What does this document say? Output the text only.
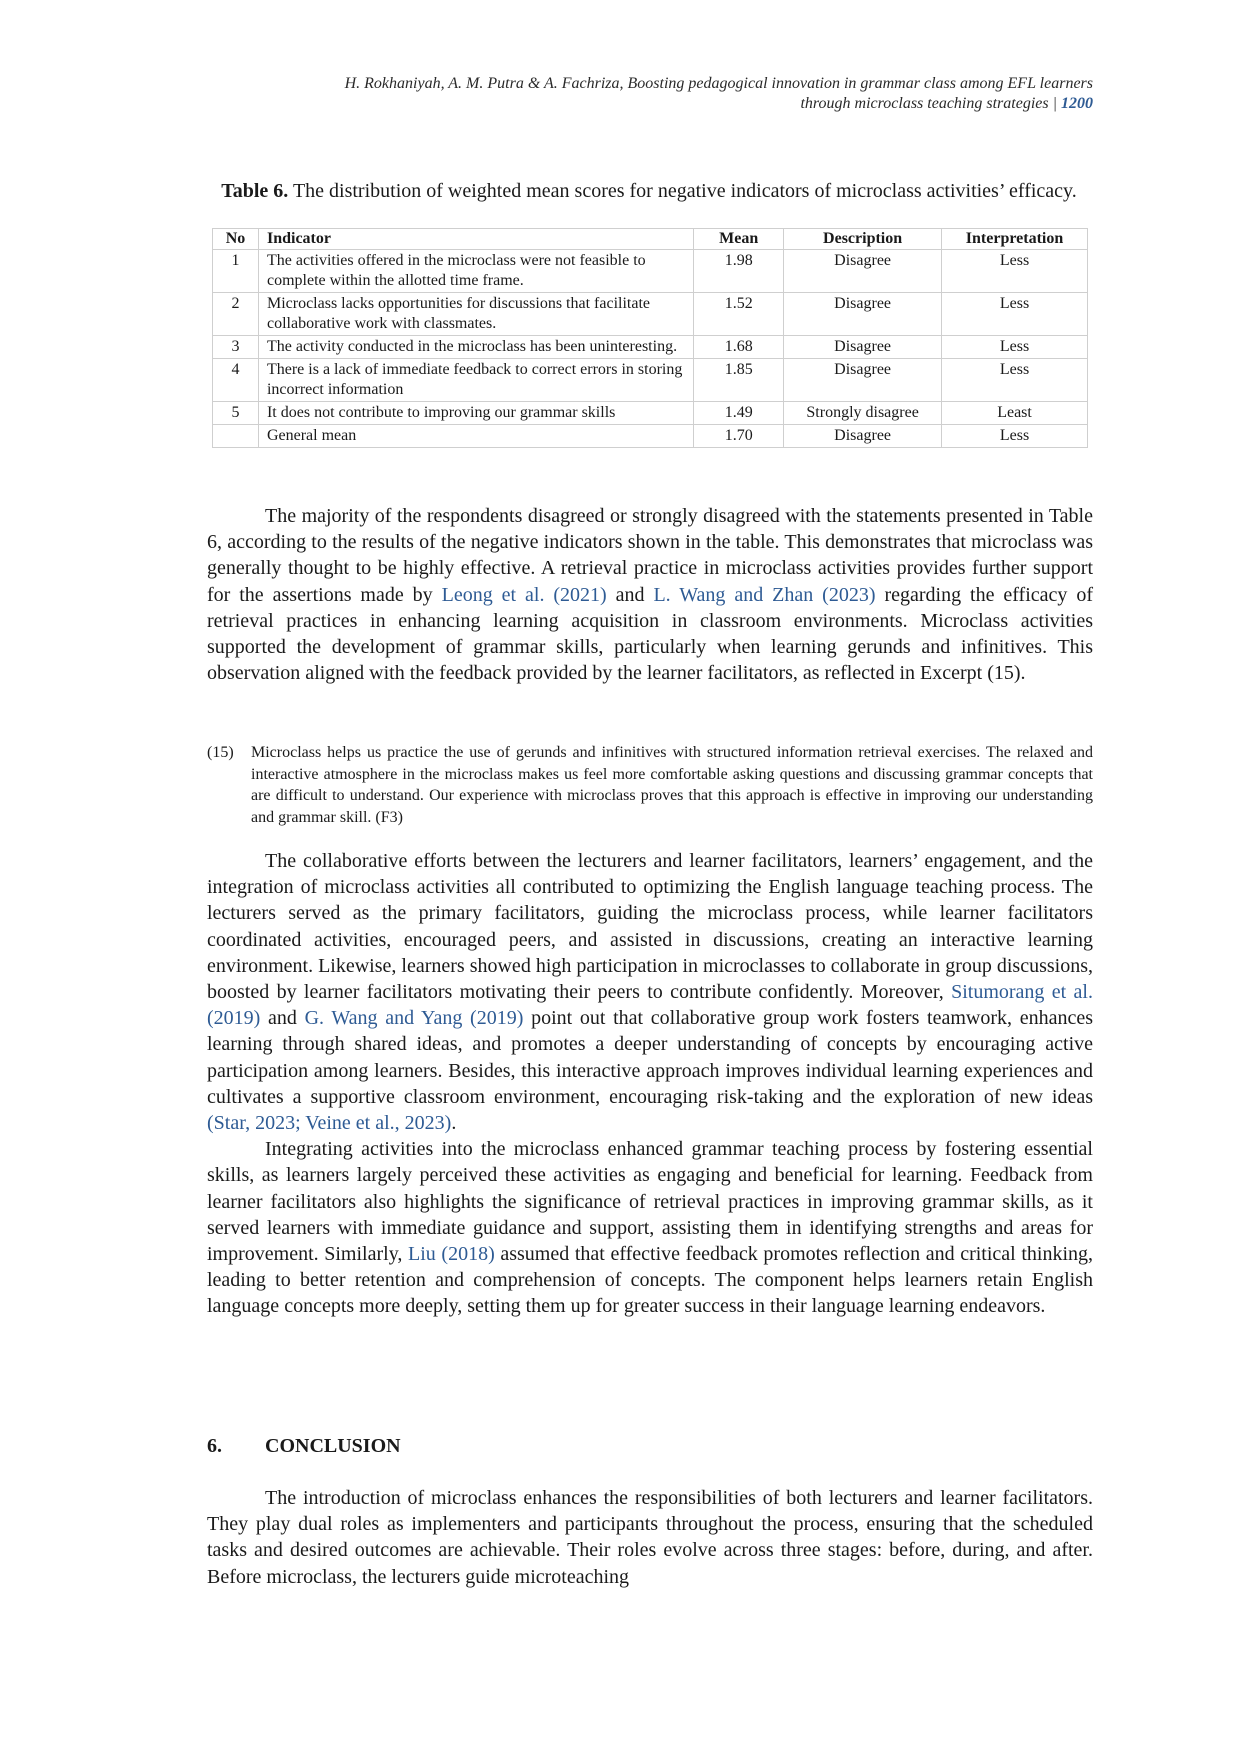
H. Rokhaniyah, A. M. Putra & A. Fachriza, Boosting pedagogical innovation in grammar class among EFL learners
through microclass teaching strategies | 1200
Table 6. The distribution of weighted mean scores for negative indicators of microclass activities’ efficacy.
No	Indicator	Mean	Description	Interpretation
1	The activities offered in the microclass were not feasible to complete within the allotted time frame.	1.98	Disagree	Less
2	Microclass lacks opportunities for discussions that facilitate collaborative work with classmates.	1.52	Disagree	Less
3	The activity conducted in the microclass has been uninteresting.	1.68	Disagree	Less
4	There is a lack of immediate feedback to correct errors in storing incorrect information	1.85	Disagree	Less
5	It does not contribute to improving our grammar skills	1.49	Strongly disagree	Least
	General mean	1.70	Disagree	Less

The majority of the respondents disagreed or strongly disagreed with the statements presented in Table 6, according to the results of the negative indicators shown in the table. This demonstrates that microclass was generally thought to be highly effective. A retrieval practice in microclass activities provides further support for the assertions made by Leong et al. (2021) and L. Wang and Zhan (2023) regarding the efficacy of retrieval practices in enhancing learning acquisition in classroom environments. Microclass activities supported the development of grammar skills, particularly when learning gerunds and infinitives. This observation aligned with the feedback provided by the learner facilitators, as reflected in Excerpt (15).

(15) Microclass helps us practice the use of gerunds and infinitives with structured information retrieval exercises. The relaxed and interactive atmosphere in the microclass makes us feel more comfortable asking questions and discussing grammar concepts that are difficult to understand. Our experience with microclass proves that this approach is effective in improving our understanding and grammar skill. (F3)

The collaborative efforts between the lecturers and learner facilitators, learners’ engagement, and the integration of microclass activities all contributed to optimizing the English language teaching process. The lecturers served as the primary facilitators, guiding the microclass process, while learner facilitators coordinated activities, encouraged peers, and assisted in discussions, creating an interactive learning environment. Likewise, learners showed high participation in microclasses to collaborate in group discussions, boosted by learner facilitators motivating their peers to contribute confidently. Moreover, Situmorang et al. (2019) and G. Wang and Yang (2019) point out that collaborative group work fosters teamwork, enhances learning through shared ideas, and promotes a deeper understanding of concepts by encouraging active participation among learners. Besides, this interactive approach improves individual learning experiences and cultivates a supportive classroom environment, encouraging risk-taking and the exploration of new ideas (Star, 2023; Veine et al., 2023).

Integrating activities into the microclass enhanced grammar teaching process by fostering essential skills, as learners largely perceived these activities as engaging and beneficial for learning. Feedback from learner facilitators also highlights the significance of retrieval practices in improving grammar skills, as it served learners with immediate guidance and support, assisting them in identifying strengths and areas for improvement. Similarly, Liu (2018) assumed that effective feedback promotes reflection and critical thinking, leading to better retention and comprehension of concepts. The component helps learners retain English language concepts more deeply, setting them up for greater success in their language learning endeavors.

6. CONCLUSION

The introduction of microclass enhances the responsibilities of both lecturers and learner facilitators. They play dual roles as implementers and participants throughout the process, ensuring that the scheduled tasks and desired outcomes are achievable. Their roles evolve across three stages: before, during, and after. Before microclass, the lecturers guide microteaching
